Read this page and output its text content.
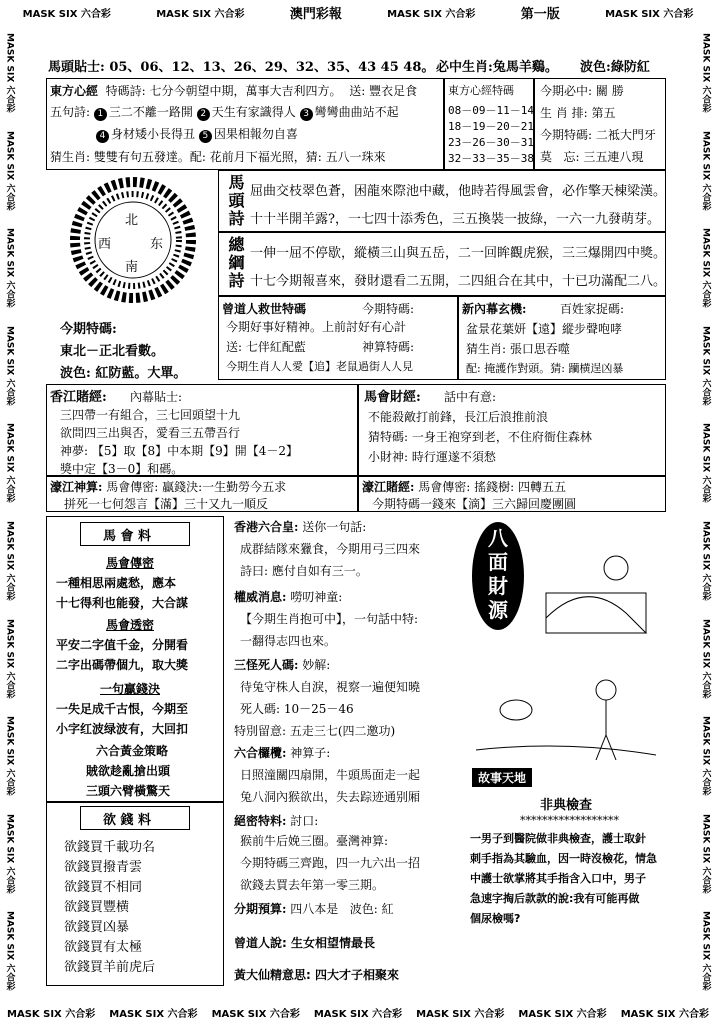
MASK SIX 六合彩	MASK SIX 六合彩	澳門彩報	MASK SIX 六合彩	第一版	MASK SIX 六合彩
MASK SIX 六合彩 MASK SIX 六合彩 MASK SIX 六合彩 MASK SIX 六合彩 MASK SIX 六合彩 MASK SIX 六合彩 MASK SIX 六合彩
MASK SIX 六合彩
MASK SIX 六合彩
MASK SIX 六合彩
MASK SIX 六合彩
MASK SIX 六合彩
MASK SIX 六合彩
MASK SIX 六合彩
MASK SIX 六合彩
MASK SIX 六合彩
MASK SIX 六合彩
MASK SIX 六合彩
MASK SIX 六合彩
MASK SIX 六合彩
MASK SIX 六合彩
MASK SIX 六合彩
MASK SIX 六合彩
MASK SIX 六合彩
MASK SIX 六合彩
MASK SIX 六合彩
MASK SIX 六合彩
馬頭貼士: 05、06、12、13、26、29、32、35、43 45 48。 必中生肖:兔馬羊鷄。 波色:綠防紅
東方心經 特碼詩: 七分今朝望中期，萬事大吉利四方。 送: 豐衣足食
五句詩: 1 三二不離一路開 2 天生有家識得人 3 彎彎曲曲站不起
4 身材矮小長得丑 5 因果相報勿自喜
猜生肖: 雙雙有句五發達。配: 花前月下福光照，猜: 五八一珠來
東方心經特碼
08－09－11－14
18－19－20－21
23－26－30－31
32－33－35－38
今期必中: 關 勝
生 肖 排: 第五
今期特碼: 二袛大門牙
莫 忘: 三五連八現
北
西	东
南
馬頭詩 屈曲交枝翠色蒼，困龍來際池中藏，他時若得風雲會，必作擎天棟梁漢。
十十半開羊露?，一七四十添秀色，三五換裝一披綠，一六一九發萌芽。
總綱詩 一伸一屈不停歇，縱橫三山與五岳，二一回眸觀虎猴，三三爆開四中獎。
十七今期報喜來，發財還看二五開，二四組合在其中，十已功滿配二八。
今期特碼:
東北－正北看數。
波色: 紅防藍。大單。
曾道人救世特碼	今期特碼:
今期好事好精神。上前討好有心計
送: 七伴紅配藍	神算特碼:
今期生肖人人愛【追】老鼠過街人人見
新內幕玄機:	百姓家捉碼:
盆景花葉妍【遠】縱步聲咆哮
猜生肖: 張口思吞噬
配: 掩護作對頭。猜: 躪横逞凶暴
香江賭經: 內幕貼士:
三四帶一有組合，三七回頭望十九
欲問四三出與否，愛看三五帶吾行
神夢: 【5】取【8】中本期【9】開【4－2】
獎中定【3－0】和碼。
馬會財經: 話中有意:
不能殺敵打前鋒，長江后浪推前浪
猜特碼: 一身王袍穿到老，不住府衙住森林
小財神: 時行運遂不須愁
濠江神算: 馬會傳密: 贏錢決:一生勤勞今五求
拼死一七何怨言【滿】三十又九一順反
濠江賭經: 馬會傳密: 搖錢樹: 四轉五五
今期特碼一錢來【滴】三六歸回慶團圓
馬 會 料
馬會傳密
一種相思兩處愁，應本
十七得利也能發，大合謀
馬會透密
平安二字值千金，分開看
二字出碼帶個九，取大獎
一句贏錢決
一失足成千古恨，今期至
小字红波绿波有，大回扣
六合黃金策略
賊欲趁亂搶出頭
三頭六臂橫驚天
欲 錢 料
欲錢買千載功名
欲錢買撥青雲
欲錢買不相同
欲錢買豐横
欲錢買凶暴
欲錢買有太極
欲錢買羊前虎后
香港六合皇: 送你一句話:
成群結隊來獵食，今期用弓三四來
詩曰: 應付自如有三一。
權威消息: 嘮叨神童:
【今期生肖抱可中】，一句話中特:
一翻得志四也來。
三怪死人碼: 妙解:
待兔守株人自淚，視察一遍便知曉
死人碼: 10－25－46
特別留意: 五走三七(四二邀功)
六合欏欖: 神算子:
日照潼關四扇開，牛頭馬面走一起
兔八洞內猴欲出，失去踪迹通别厢
絕密特料: 討口:
猴前牛后娩三圈。臺灣神算:
今期特碼三齊跑，四一九六出一招
欲錢去買去年第一零三期。
分期預算: 四八本是 波色: 紅
曾道人說: 生女相望情最長
黃大仙精意思: 四大才子相聚來
八面財源
故事天地
非典檢查
******************
一男子到醫院做非典檢查，護士取針
刺手指為其驗血，因一時沒檢花，情急
中護士欲掌將其手指含入口中，男子
急速字掏后款款的說:我有可能再做
個尿檢嗎?
